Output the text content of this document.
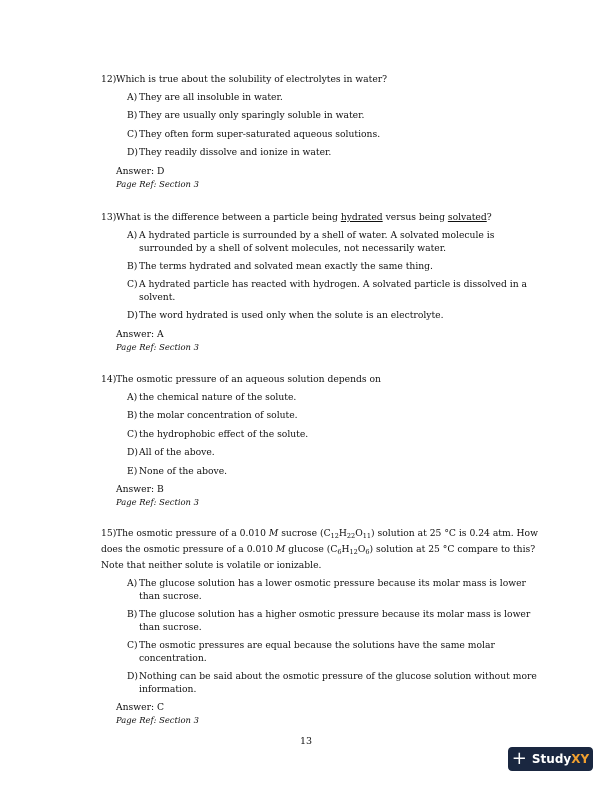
12)Which is true about the solubility of electrolytes in water?

A) They are all insoluble in water.
B) They are usually only sparingly soluble in water.
C)They often form super-saturated aqueous solutions.
D)They readily dissolve and ionize in water.
Answer: D
Page Ref: Section 3

13)What is the difference between a particle being hydrated versus being solvated?

A) A hydrated particle is surrounded by a shell of water. A solvated molecule is surrounded by a shell of solvent molecules, not necessarily water.
B) The terms hydrated and solvated mean exactly the same thing.
C)A hydrated particle has reacted with hydrogen. A solvated particle is dissolved in a solvent.
D)The word hydrated is used only when the solute is an electrolyte.
Answer: A
Page Ref: Section 3

14)The osmotic pressure of an aqueous solution depends on

A) the chemical nature of the solute.
B) the molar concentration of solute.
C)the hydrophobic effect of the solute.
D)All of the above.
E) None of the above.
Answer: B
Page Ref: Section 3

15)The osmotic pressure of a 0.010 M sucrose $(C_{12}H_{22}O_{11})$ solution at 25 °C is 0.24 atm. How does the osmotic pressure of a 0.010 M glucose $(C_6H_{12}O_6)$ solution at 25 °C compare to this? Note that neither solute is volatile or ionizable.

A) The glucose solution has a lower osmotic pressure because its molar mass is lower than sucrose.
B) The glucose solution has a higher osmotic pressure because its molar mass is lower than sucrose.
C)The osmotic pressures are equal because the solutions have the same molar concentration.
D)Nothing can be said about the osmotic pressure of the glucose solution without more information.
Answer: C
Page Ref: Section 3
13
+ Study XY
